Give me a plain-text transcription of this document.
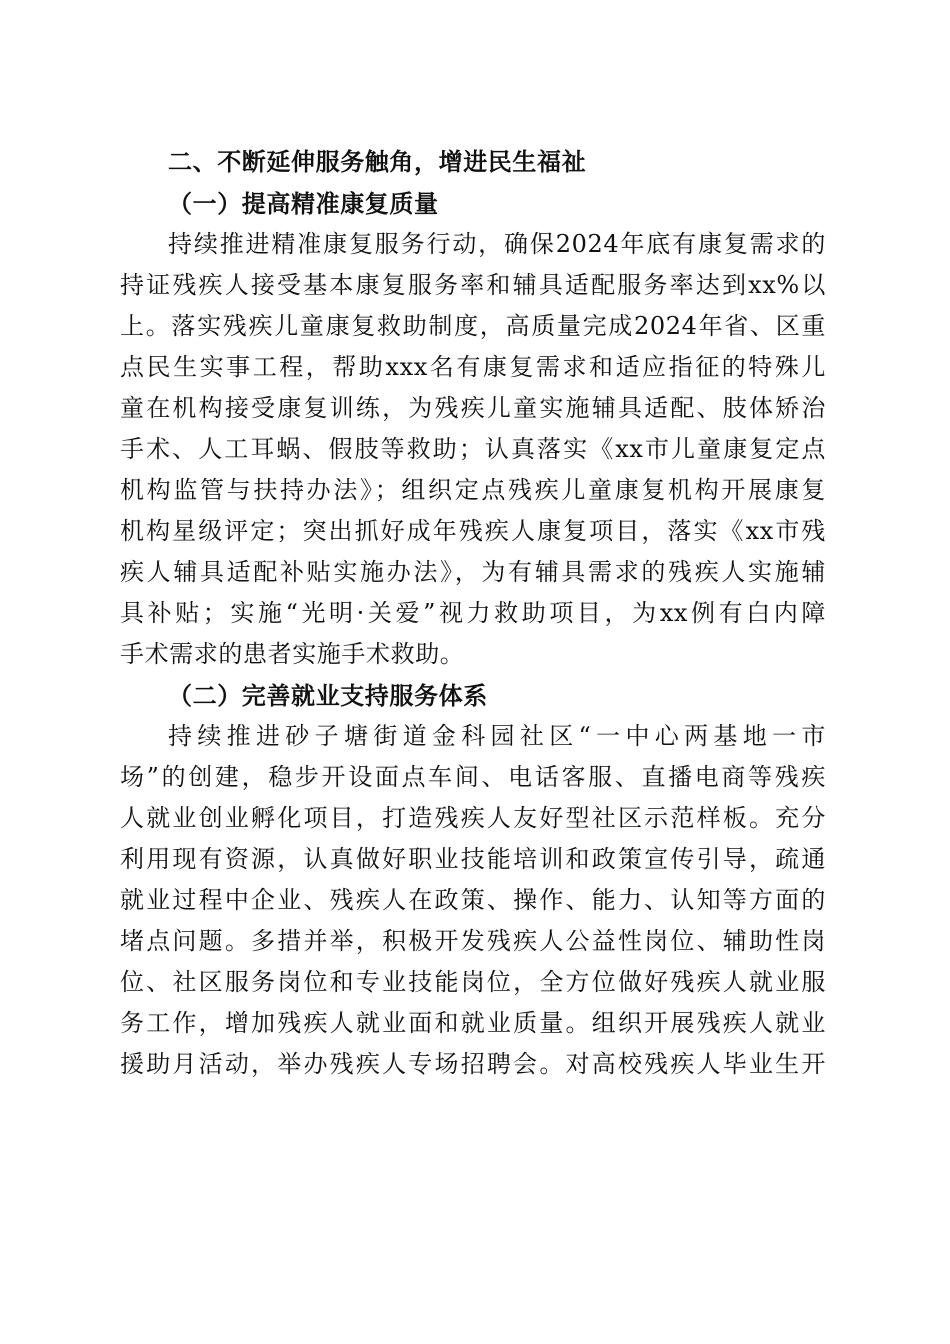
二、不断延伸服务触角，增进民生福祉
（一）提高精准康复质量
持续推进精准康复服务行动，确保2024年底有康复需求的
持证残疾人接受基本康复服务率和辅具适配服务率达到xx%以
上。落实残疾儿童康复救助制度，高质量完成2024年省、区重
点民生实事工程，帮助xxx名有康复需求和适应指征的特殊儿
童在机构接受康复训练，为残疾儿童实施辅具适配、肢体矫治
手术、人工耳蜗、假肢等救助；认真落实《xx市儿童康复定点
机构监管与扶持办法》；组织定点残疾儿童康复机构开展康复
机构星级评定；突出抓好成年残疾人康复项目，落实《xx市残
疾人辅具适配补贴实施办法》，为有辅具需求的残疾人实施辅
具补贴；实施“光明·关爱”视力救助项目，为xx例有白内障
手术需求的患者实施手术救助。
（二）完善就业支持服务体系
持续推进砂子塘街道金科园社区“一中心两基地一市
场”的创建，稳步开设面点车间、电话客服、直播电商等残疾
人就业创业孵化项目，打造残疾人友好型社区示范样板。充分
利用现有资源，认真做好职业技能培训和政策宣传引导，疏通
就业过程中企业、残疾人在政策、操作、能力、认知等方面的
堵点问题。多措并举，积极开发残疾人公益性岗位、辅助性岗
位、社区服务岗位和专业技能岗位，全方位做好残疾人就业服
务工作，增加残疾人就业面和就业质量。组织开展残疾人就业
援助月活动，举办残疾人专场招聘会。对高校残疾人毕业生开
